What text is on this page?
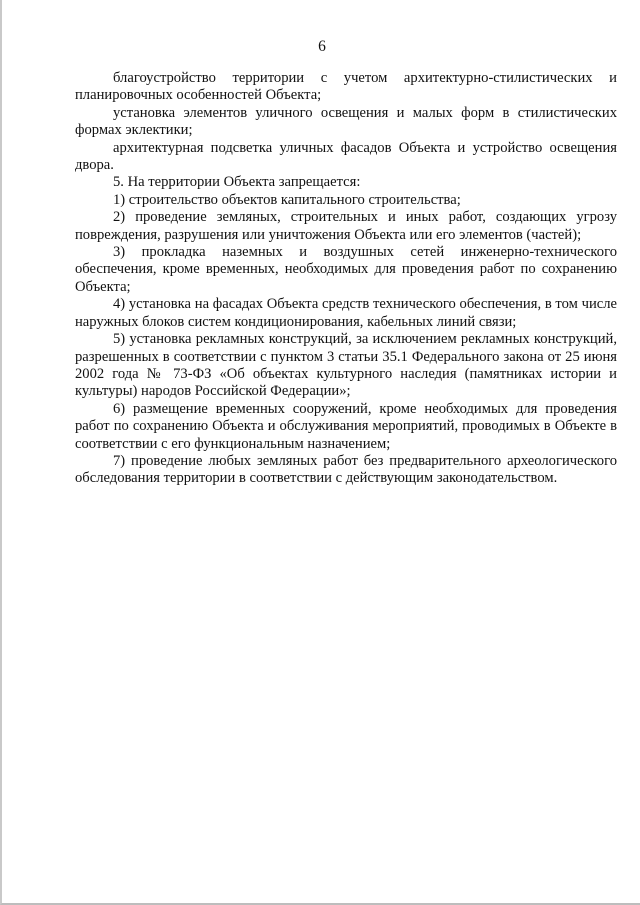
6

благоустройство территории с учетом архитектурно-стилистических и планировочных особенностей Объекта;

установка элементов уличного освещения и малых форм в стилистических формах эклектики;

архитектурная подсветка уличных фасадов Объекта и устройство освещения двора.

5. На территории Объекта запрещается:

1) строительство объектов капитального строительства;

2) проведение земляных, строительных и иных работ, создающих угрозу повреждения, разрушения или уничтожения Объекта или его элементов (частей);

3) прокладка наземных и воздушных сетей инженерно-технического обеспечения, кроме временных, необходимых для проведения работ по сохранению Объекта;

4) установка на фасадах Объекта средств технического обеспечения, в том числе наружных блоков систем кондиционирования, кабельных линий связи;

5) установка рекламных конструкций, за исключением рекламных конструкций, разрешенных в соответствии с пунктом 3 статьи 35.1 Федерального закона от 25 июня 2002 года № 73-ФЗ «Об объектах культурного наследия (памятниках истории и культуры) народов Российской Федерации»;

6) размещение временных сооружений, кроме необходимых для проведения работ по сохранению Объекта и обслуживания мероприятий, проводимых в Объекте в соответствии с его функциональным назначением;

7) проведение любых земляных работ без предварительного археологического обследования территории в соответствии с действующим законодательством.
